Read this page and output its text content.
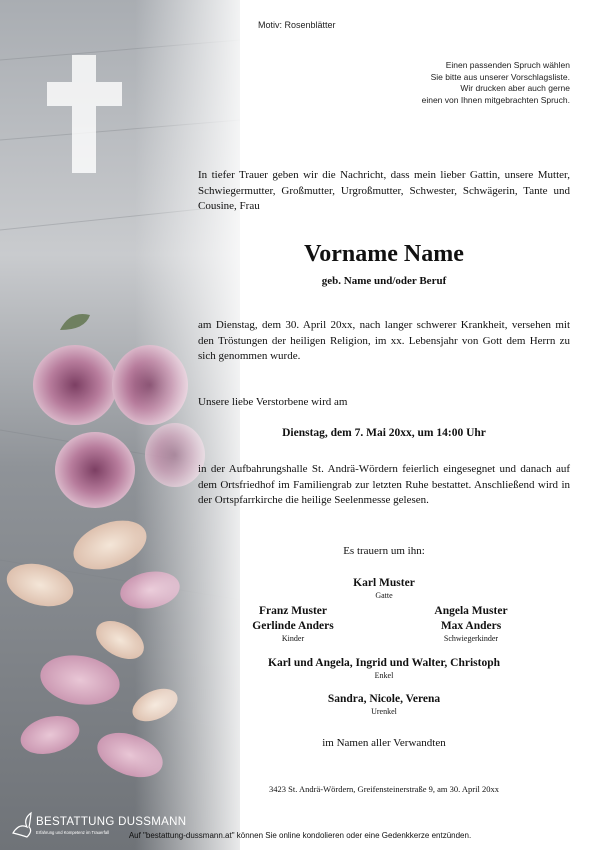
Motiv: Rosenblätter
Einen passenden Spruch wählen
Sie bitte aus unserer Vorschlagsliste.
Wir drucken aber auch gerne
einen von Ihnen mitgebrachten Spruch.
In tiefer Trauer geben wir die Nachricht, dass mein lieber Gattin, unsere Mutter, Schwiegermutter, Großmutter, Urgroßmutter, Schwester, Schwägerin, Tante und Cousine, Frau
Vorname Name
geb. Name und/oder Beruf
am Dienstag, dem 30. April 20xx, nach langer schwerer Krankheit, versehen mit den Tröstungen der heiligen Religion, im xx. Lebensjahr von Gott dem Herrn zu sich genommen wurde.
Unsere liebe Verstorbene wird am
Dienstag, dem 7. Mai 20xx, um 14:00 Uhr
in der Aufbahrungshalle St. Andrä-Wördern feierlich eingesegnet und danach auf dem Ortsfriedhof im Familiengrab zur letzten Ruhe bestattet. Anschließend wird in der Ortspfarrkirche die heilige Seelenmesse gelesen.
Es trauern um ihn:
Karl Muster
Gatte
Franz Muster
Gerlinde Anders
Kinder
Angela Muster
Max Anders
Schwiegerkinder
Karl und Angela, Ingrid und Walter, Christoph
Enkel
Sandra, Nicole, Verena
Urenkel
im Namen aller Verwandten
3423 St. Andrä-Wördern, Greifensteinerstraße 9, am 30. April 20xx
BESTATTUNG DUSSMANN
Erfahrung und Kompetenz im Trauerfall	Auf "bestattung-dussmann.at" können Sie online kondolieren oder eine Gedenkkerze entzünden.
